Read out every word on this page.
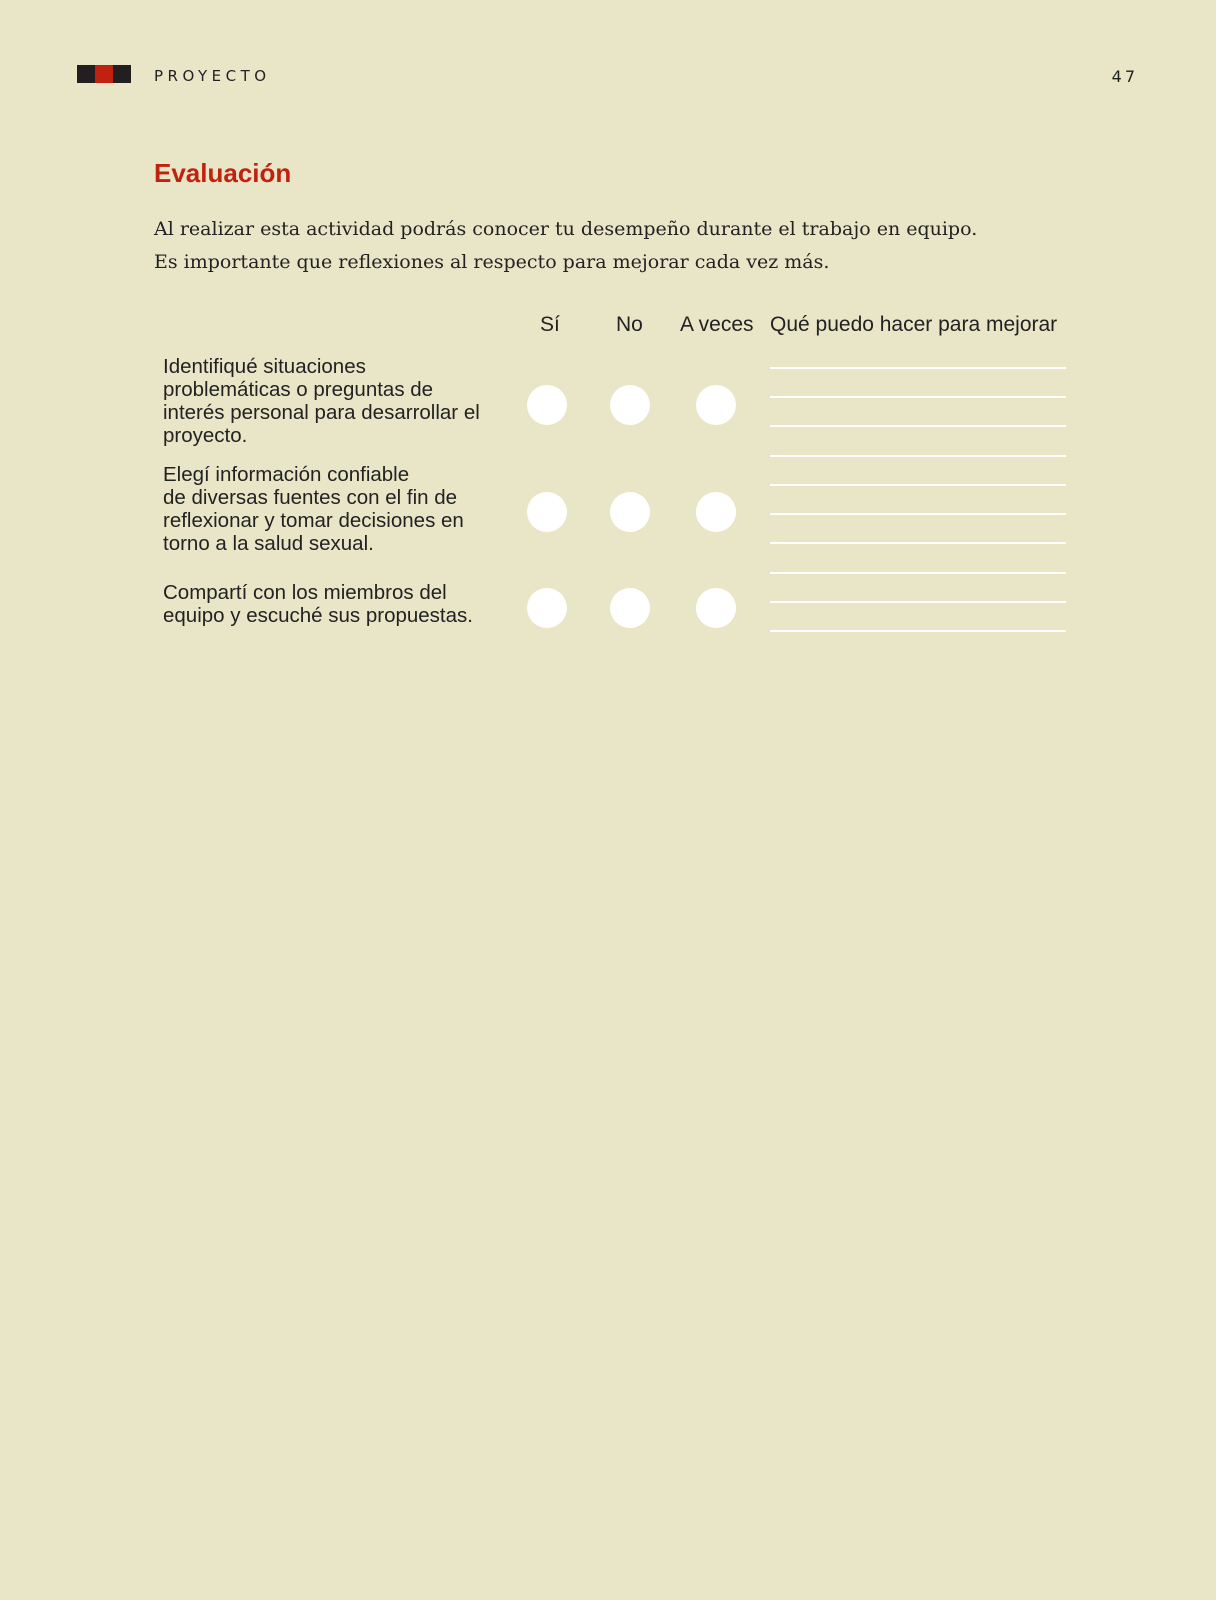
PROYECTO	47
Evaluación

Al realizar esta actividad podrás conocer tu desempeño durante el trabajo en equipo.

Es importante que reflexiones al respecto para mejorar cada vez más.

Sí	No A veces Qué puedo hacer para mejorar
Identifiqué situaciones
problemáticas o preguntas de
interés personal para desarrollar el
proyecto.
Elegí información confiable
de diversas fuentes con el fin de
reflexionar y tomar decisiones en
torno a la salud sexual.
Compartí con los miembros del
equipo y escuché sus propuestas.
